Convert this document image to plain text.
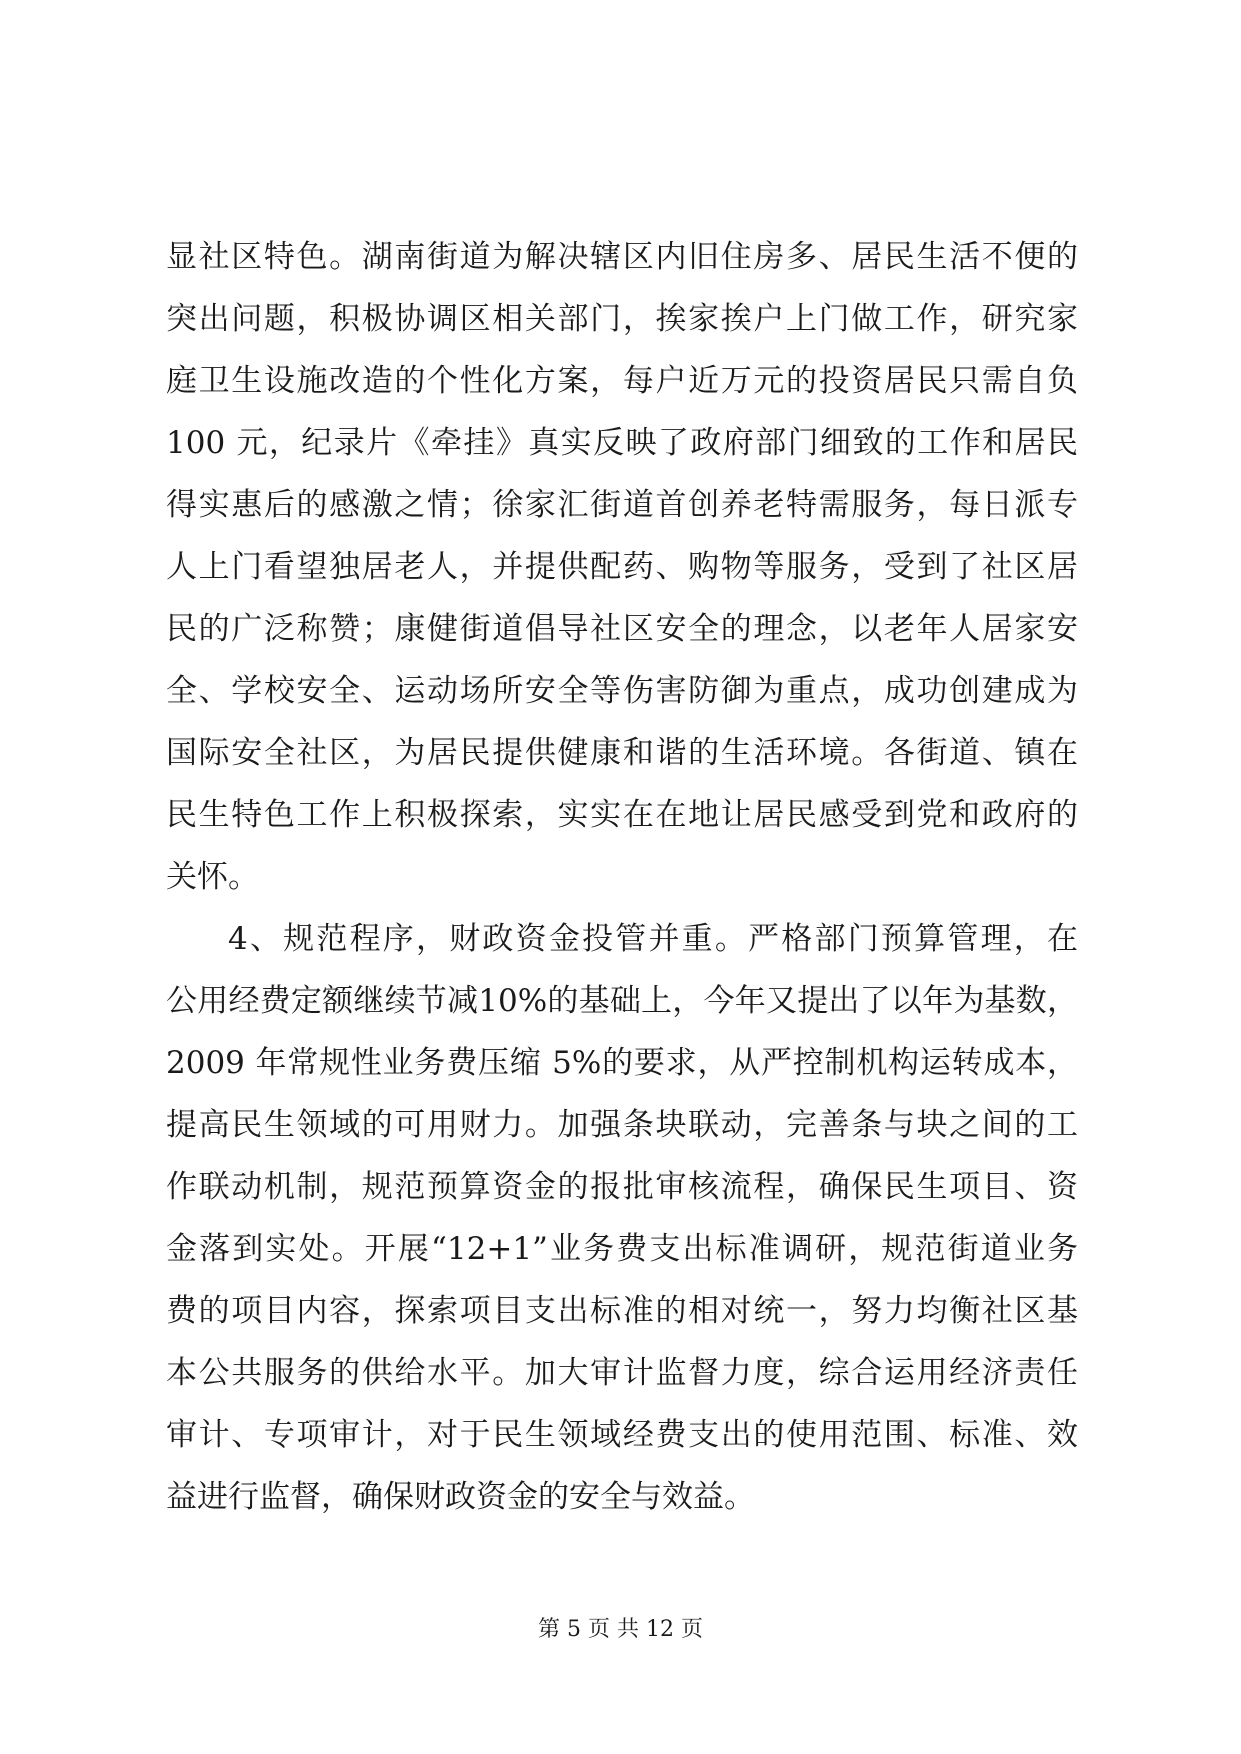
显社区特色。湖南街道为解决辖区内旧住房多、居民生活不便的
突出问题，积极协调区相关部门，挨家挨户上门做工作，研究家
庭卫生设施改造的个性化方案，每户近万元的投资居民只需自负
100 元，纪录片《牵挂》真实反映了政府部门细致的工作和居民
得实惠后的感激之情；徐家汇街道首创养老特需服务，每日派专
人上门看望独居老人，并提供配药、购物等服务，受到了社区居
民的广泛称赞；康健街道倡导社区安全的理念，以老年人居家安
全、学校安全、运动场所安全等伤害防御为重点，成功创建成为
国际安全社区，为居民提供健康和谐的生活环境。各街道、镇在
民生特色工作上积极探索，实实在在地让居民感受到党和政府的
关怀。
4、规范程序，财政资金投管并重。严格部门预算管理，在
公用经费定额继续节减10%的基础上，今年又提出了以年为基数，
2009 年常规性业务费压缩 5%的要求，从严控制机构运转成本，
提高民生领域的可用财力。加强条块联动，完善条与块之间的工
作联动机制，规范预算资金的报批审核流程，确保民生项目、资
金落到实处。开展“12+1”业务费支出标准调研，规范街道业务
费的项目内容，探索项目支出标准的相对统一，努力均衡社区基
本公共服务的供给水平。加大审计监督力度，综合运用经济责任
审计、专项审计，对于民生领域经费支出的使用范围、标准、效
益进行监督，确保财政资金的安全与效益。
第 5 页 共 12 页
